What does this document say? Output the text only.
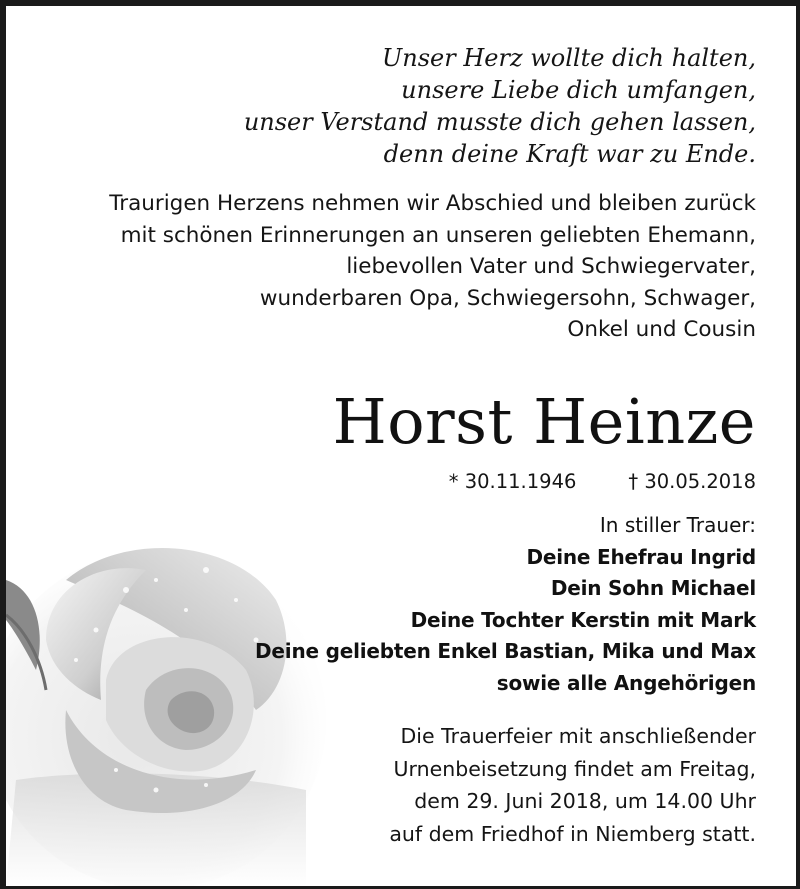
Unser Herz wollte dich halten,
unsere Liebe dich umfangen,
unser Verstand musste dich gehen lassen,
denn deine Kraft war zu Ende.
Traurigen Herzens nehmen wir Abschied und bleiben zurück
mit schönen Erinnerungen an unseren geliebten Ehemann,
liebevollen Vater und Schwiegervater,
wunderbaren Opa, Schwiegersohn, Schwager,
Onkel und Cousin
Horst Heinze
* 30.11.1946	† 30.05.2018
In stiller Trauer:
Deine Ehefrau Ingrid
Dein Sohn Michael
Deine Tochter Kerstin mit Mark
Deine geliebten Enkel Bastian, Mika und Max
sowie alle Angehörigen
Die Trauerfeier mit anschließender
Urnenbeisetzung findet am Freitag,
dem 29. Juni 2018, um 14.00 Uhr
auf dem Friedhof in Niemberg statt.
